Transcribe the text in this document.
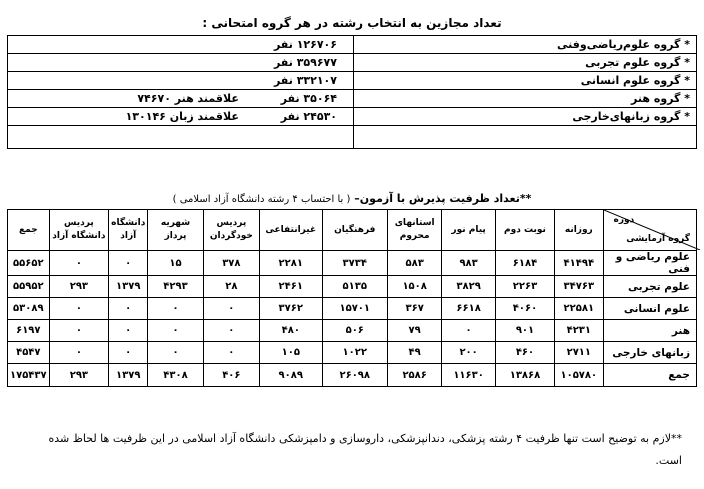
تعداد مجازین به انتخاب رشته در هر گروه امتحانی :
* گروه علوم‌ریاضی‌وفنی	۱۲۶۷۰۶ نفر
* گروه علوم تجربی	۳۵۹۶۷۷ نفر
* گروه علوم انسانی	۳۳۲۱۰۷ نفر
* گروه هنر	۳۵۰۶۴ نفر علاقمند هنر ۷۴۶۷۰
* گروه زبانهای‌خارجی	۲۴۵۳۰ نفر علاقمند زبان ۱۳۰۱۴۶

**تعداد ظرفیت پذیرش با آزمون– ( با احتساب ۴ رشته دانشگاه آزاد اسلامی )
دوره
گروه آزمایشی	روزانه	نوبت دوم	پیام نور	استانهای محروم	فرهنگیان	غیرانتفاعی	پردیس خودگردان	شهریه پرداز	دانشگاه آزاد	پردیس دانشگاه آزاد	جمع
علوم ریاضی و فنی	۴۱۴۹۴	۶۱۸۴	۹۸۳	۵۸۳	۳۷۳۴	۲۲۸۱	۳۷۸	۱۵	۰	۰	۵۵۶۵۲
علوم تجربی	۳۴۷۶۳	۲۲۶۳	۳۸۲۹	۱۵۰۸	۵۱۳۵	۲۴۶۱	۲۸	۴۲۹۳	۱۳۷۹	۲۹۳	۵۵۹۵۲
علوم انسانی	۲۲۵۸۱	۴۰۶۰	۶۶۱۸	۳۶۷	۱۵۷۰۱	۳۷۶۲	۰	۰	۰	۰	۵۳۰۸۹
هنر	۴۲۳۱	۹۰۱	۰	۷۹	۵۰۶	۴۸۰	۰	۰	۰	۰	۶۱۹۷
زبانهای خارجی	۲۷۱۱	۴۶۰	۲۰۰	۴۹	۱۰۲۲	۱۰۵	۰	۰	۰	۰	۴۵۴۷
جمع	۱۰۵۷۸۰	۱۳۸۶۸	۱۱۶۳۰	۲۵۸۶	۲۶۰۹۸	۹۰۸۹	۴۰۶	۴۳۰۸	۱۳۷۹	۲۹۳	۱۷۵۴۳۷
**لازم به توضیح است تنها ظرفیت ۴ رشته پزشکی، دندانپزشکی، داروسازی و دامپزشکی دانشگاه آزاد اسلامی در این ظرفیت ها لحاظ شده است.
